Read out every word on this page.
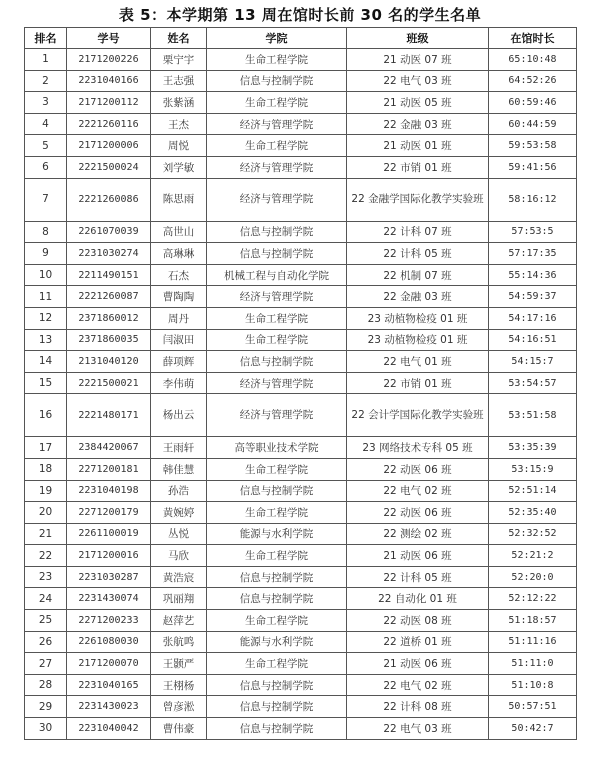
表 5：本学期第 13 周在馆时长前 30 名的学生名单
排名	学号	姓名	学院	班级	在馆时长
1	2171200226	栗宁宇	生命工程学院	21 动医 07 班	65:10:48
2	2231040166	王志强	信息与控制学院	22 电气 03 班	64:52:26
3	2171200112	张紫涵	生命工程学院	21 动医 05 班	60:59:46
4	2221260116	王杰	经济与管理学院	22 金融 03 班	60:44:59
5	2171200006	周悦	生命工程学院	21 动医 01 班	59:53:58
6	2221500024	刘学敏	经济与管理学院	22 市销 01 班	59:41:56
7	2221260086	陈思雨	经济与管理学院	22 金融学国际化教学实验班	58:16:12
8	2261070039	高世山	信息与控制学院	22 计科 07 班	57:53:5
9	2231030274	高琳琳	信息与控制学院	22 计科 05 班	57:17:35
10	2211490151	石杰	机械工程与自动化学院	22 机制 07 班	55:14:36
11	2221260087	曹陶陶	经济与管理学院	22 金融 03 班	54:59:37
12	2371860012	周丹	生命工程学院	23 动植物检疫 01 班	54:17:16
13	2371860035	闫淑田	生命工程学院	23 动植物检疫 01 班	54:16:51
14	2131040120	薛项辉	信息与控制学院	22 电气 01 班	54:15:7
15	2221500021	李伟萌	经济与管理学院	22 市销 01 班	53:54:57
16	2221480171	杨出云	经济与管理学院	22 会计学国际化教学实验班	53:51:58
17	2384420067	王雨轩	高等职业技术学院	23 网络技术专科 05 班	53:35:39
18	2271200181	韩佳慧	生命工程学院	22 动医 06 班	53:15:9
19	2231040198	孙浩	信息与控制学院	22 电气 02 班	52:51:14
20	2271200179	黄婉婷	生命工程学院	22 动医 06 班	52:35:40
21	2261100019	丛悦	能源与水利学院	22 测绘 02 班	52:32:52
22	2171200016	马欣	生命工程学院	21 动医 06 班	52:21:2
23	2231030287	黄浩宸	信息与控制学院	22 计科 05 班	52:20:0
24	2231430074	巩丽翔	信息与控制学院	22 自动化 01 班	52:12:22
25	2271200233	赵萍艺	生命工程学院	22 动医 08 班	51:18:57
26	2261080030	张航鸣	能源与水利学院	22 道桥 01 班	51:11:16
27	2171200070	王颢严	生命工程学院	21 动医 06 班	51:11:0
28	2231040165	王栩杨	信息与控制学院	22 电气 02 班	51:10:8
29	2231430023	曾彦淞	信息与控制学院	22 计科 08 班	50:57:51
30	2231040042	曹伟豪	信息与控制学院	22 电气 03 班	50:42:7
